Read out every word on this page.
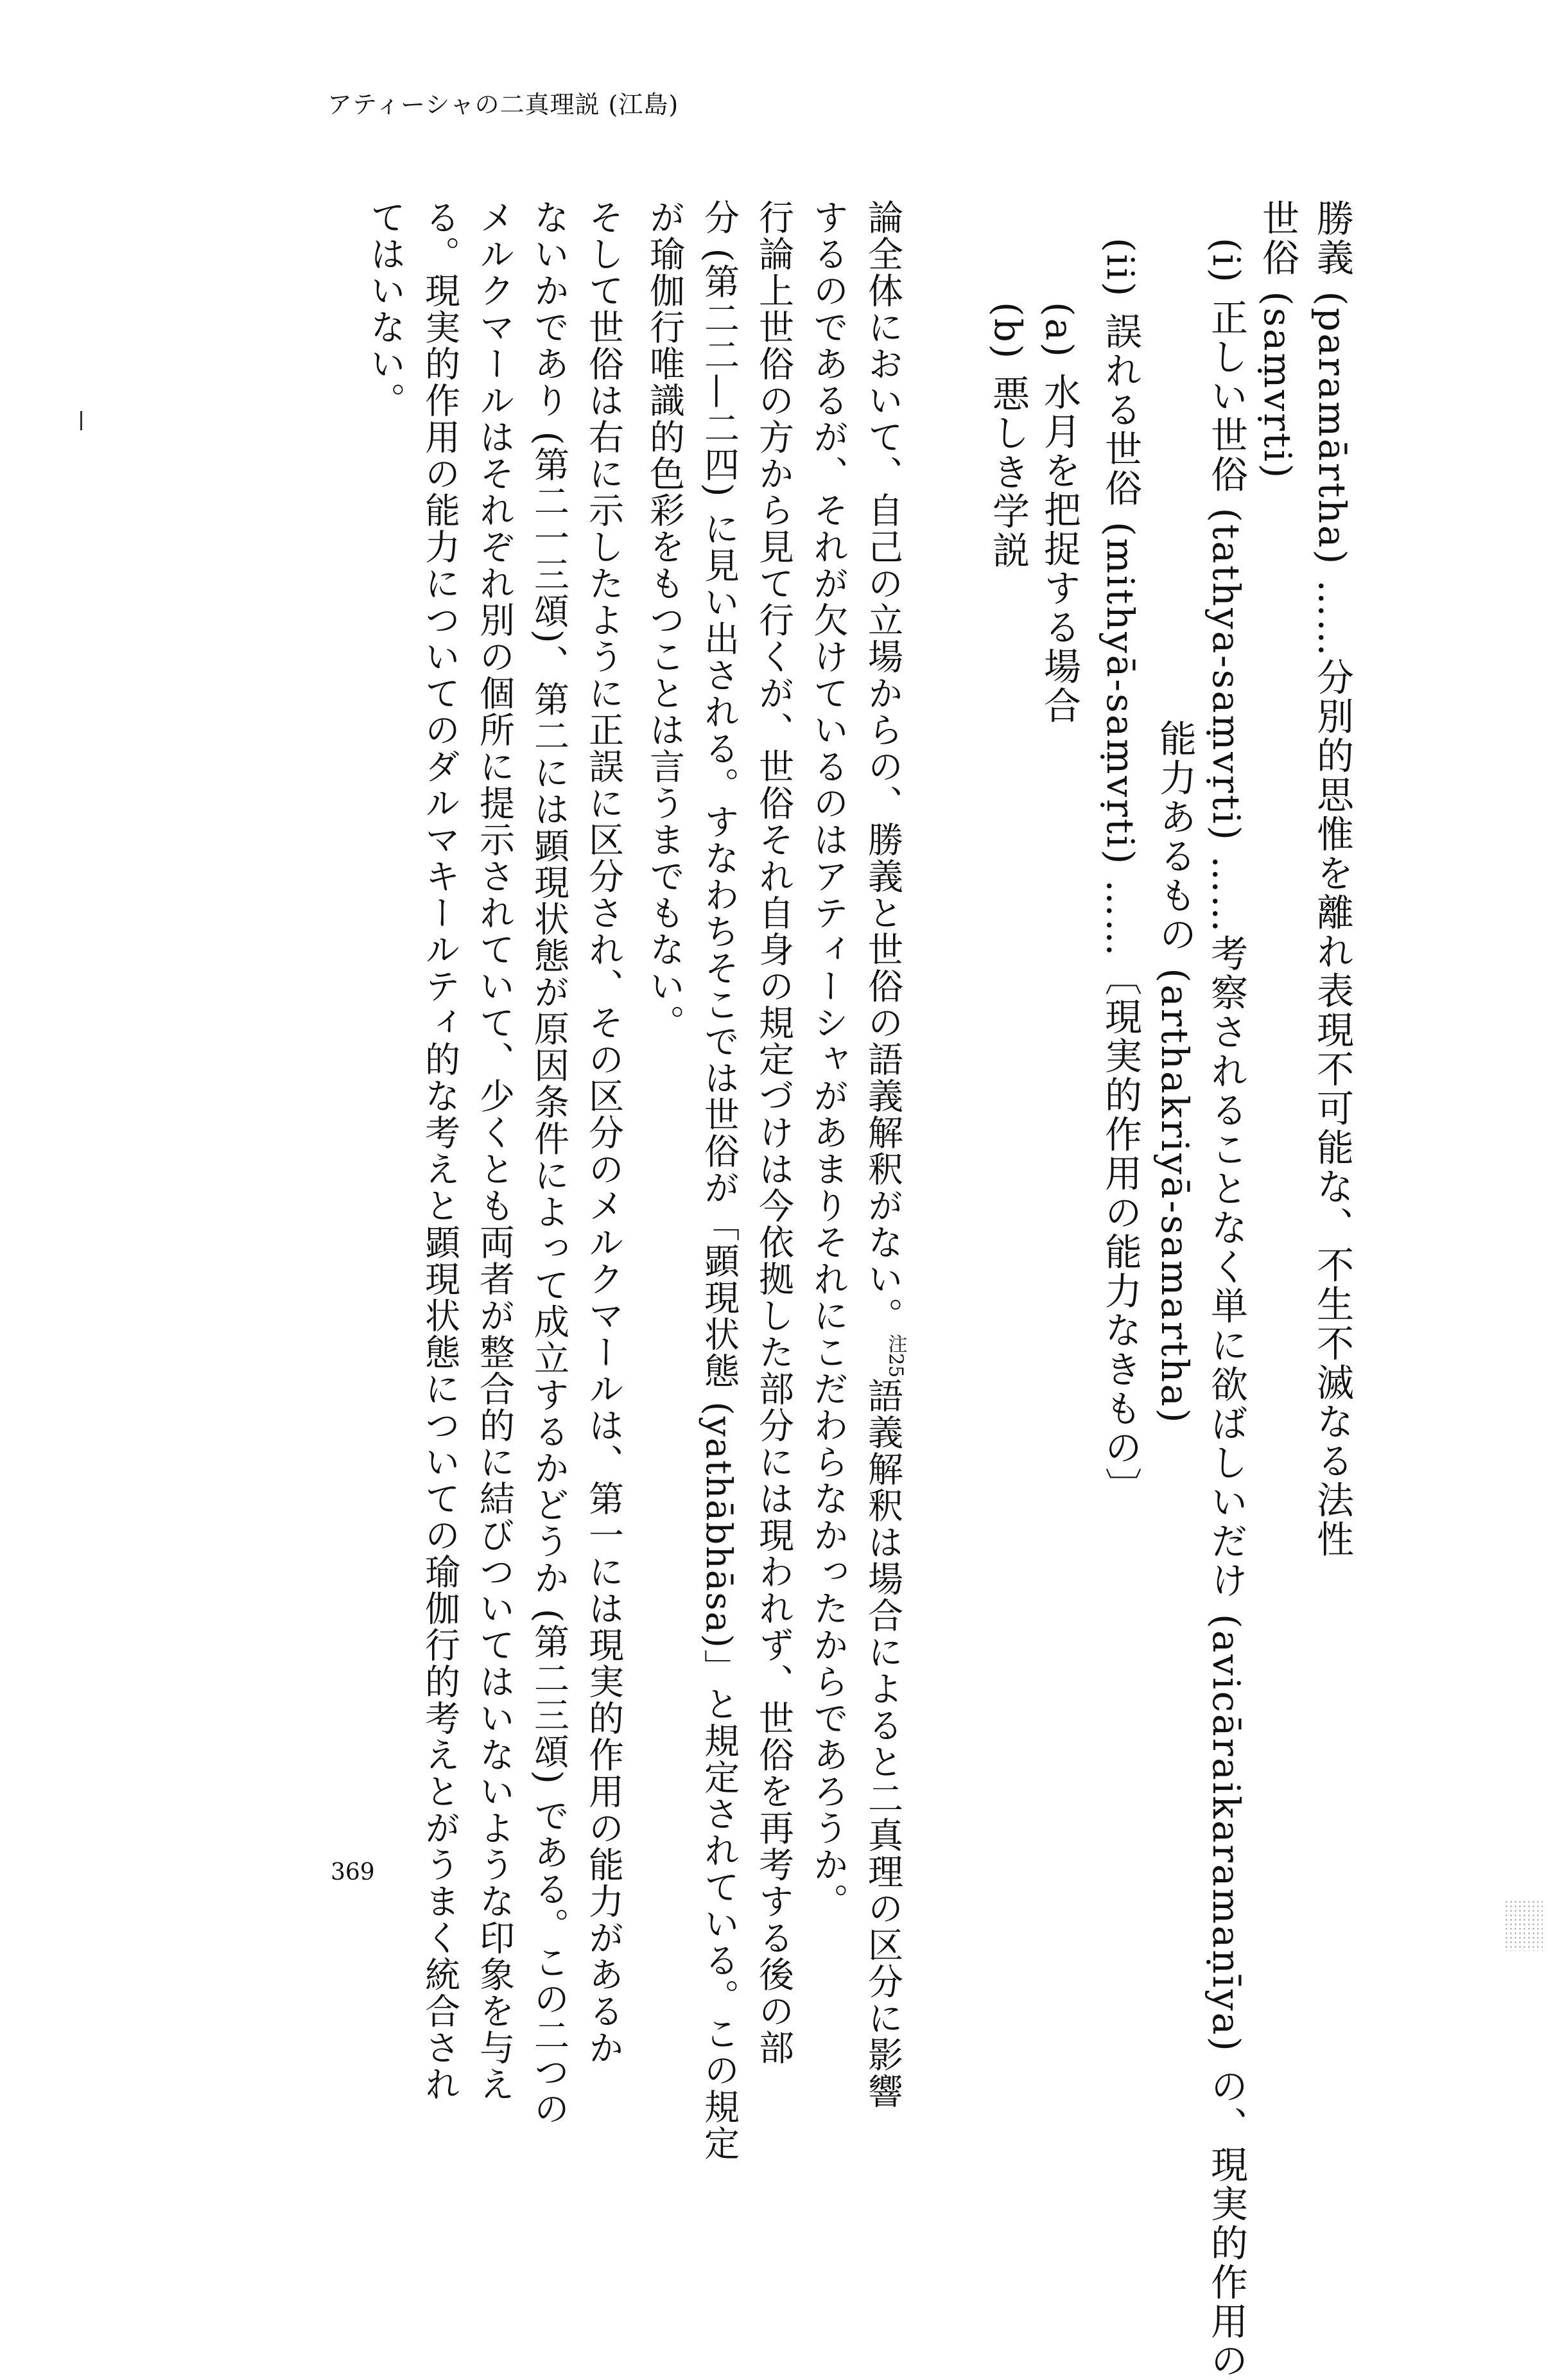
アティーシャの二真理説 (江島)
勝義 (paramārtha) ……分別的思惟を離れ表現不可能な、不生不滅なる法性
世俗 (saṃvṛti)
(i) 正しい世俗 (tathya-saṃvṛti) ……考察されることなく単に欲ばしいだけ (avicāraikaramaṇīya) の、現実的作用の
能力あるもの (arthakriyā-samartha)
(ii) 誤れる世俗 (mithyā-saṃvṛti) ……〔現実的作用の能力なきもの〕
(a) 水月を把捉する場合
(b) 悪しき学説
論全体において、自己の立場からの、勝義と世俗の語義解釈がない。$^{注25}$語義解釈は場合によると二真理の区分に影響
するのであるが、それが欠けているのはアティーシャがあまりそれにこだわらなかったからであろうか。
行論上世俗の方から見て行くが、世俗それ自身の規定づけは今依拠した部分には現われず、世俗を再考する後の部
分 (第二二—二四) に見い出される。すなわちそこでは世俗が「顕現状態 (yathābhāsa)」と規定されている。この規定
が瑜伽行唯識的色彩をもつことは言うまでもない。
そして世俗は右に示したように正誤に区分され、その区分のメルクマールは、第一には現実的作用の能力があるか
ないかであり (第二一三頌)、第二には顕現状態が原因条件によって成立するかどうか (第二三頌) である。この二つの
メルクマールはそれぞれ別の個所に提示されていて、少くとも両者が整合的に結びついてはいないような印象を与え
る。現実的作用の能力についてのダルマキールティ的な考えと顕現状態についての瑜伽行的考えとがうまく統合され
てはいない。
369
